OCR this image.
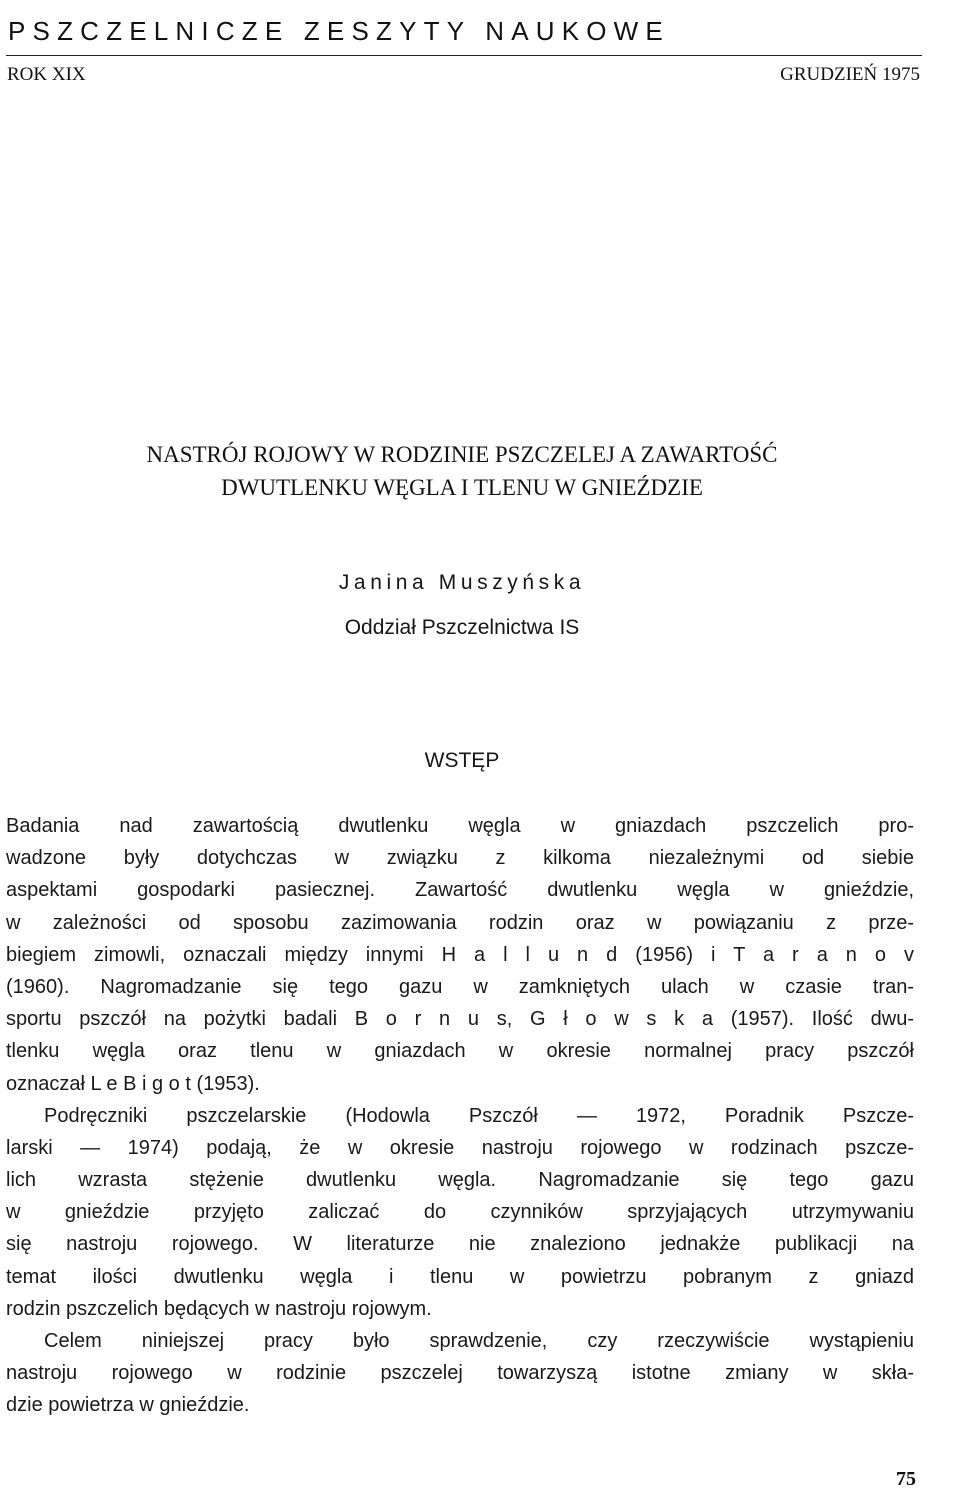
PSZCZELNICZE ZESZYTY NAUKOWE
ROK XIX	GRUDZIEŃ 1975
NASTRÓJ ROJOWY W RODZINIE PSZCZELEJ A ZAWARTOŚĆ
DWUTLENKU WĘGLA I TLENU W GNIEŹDZIE
Janina Muszyńska
Oddział Pszczelnictwa IS
WSTĘP
Badania nad zawartością dwutlenku węgla w gniazdach pszczelich pro-
wadzone były dotychczas w związku z kilkoma niezależnymi od siebie
aspektami gospodarki pasiecznej. Zawartość dwutlenku węgla w gnieździe,
w zależności od sposobu zazimowania rodzin oraz w powiązaniu z prze-
biegiem zimowli, oznaczali między innymi H a l l u n d (1956) i T a r a n o v
(1960). Nagromadzanie się tego gazu w zamkniętych ulach w czasie tran-
sportu pszczół na pożytki badali B o r n u s, G ł o w s k a (1957). Ilość dwu-
tlenku węgla oraz tlenu w gniazdach w okresie normalnej pracy pszczół
oznaczał L e B i g o t (1953).
Podręczniki pszczelarskie (Hodowla Pszczół — 1972, Poradnik Pszcze-
larski — 1974) podają, że w okresie nastroju rojowego w rodzinach pszcze-
lich wzrasta stężenie dwutlenku węgla. Nagromadzanie się tego gazu
w gnieździe przyjęto zaliczać do czynników sprzyjających utrzymywaniu
się nastroju rojowego. W literaturze nie znaleziono jednakże publikacji na
temat ilości dwutlenku węgla i tlenu w powietrzu pobranym z gniazd
rodzin pszczelich będących w nastroju rojowym.
Celem niniejszej pracy było sprawdzenie, czy rzeczywiście wystąpieniu
nastroju rojowego w rodzinie pszczelej towarzyszą istotne zmiany w skła-
dzie powietrza w gnieździe.
75
